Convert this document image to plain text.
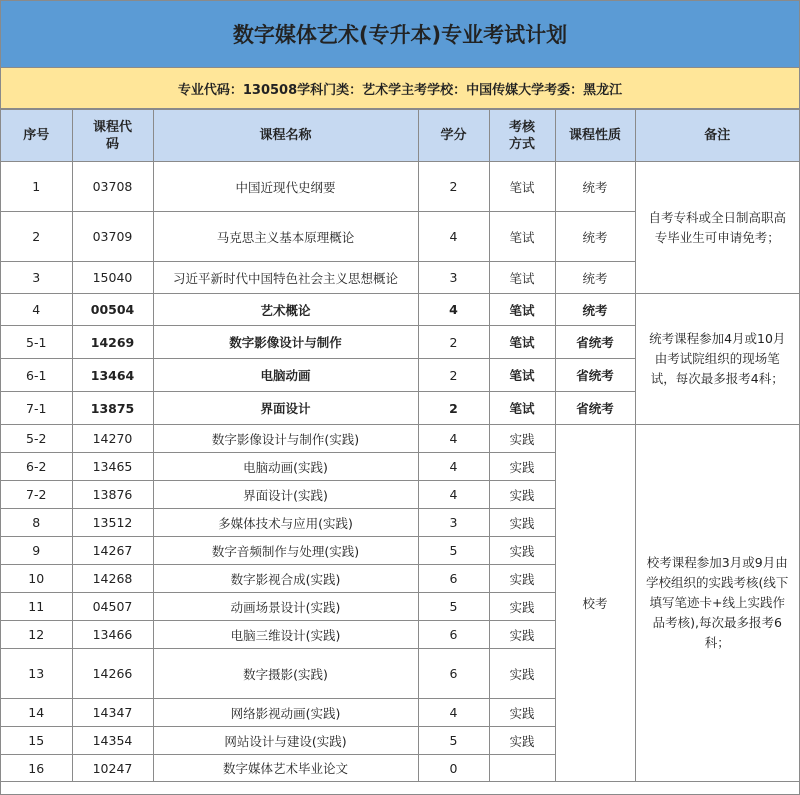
数字媒体艺术(专升本)专业考试计划
专业代码：130508学科门类：艺术学主考学校：中国传媒大学考委：黑龙江
序号	课程代码	课程名称	学分	考核方式	课程性质	备注
1	03708	中国近现代史纲要	2	笔试	统考	自考专科或全日制高职高专毕业生可申请免考；
2	03709	马克思主义基本原理概论	4	笔试	统考	
3	15040	习近平新时代中国特色社会主义思想概论	3	笔试	统考	
4	00504	艺术概论	4	笔试	统考	统考课程参加4月或10月由考试院组织的现场笔试，每次最多报考4科；
5-1	14269	数字影像设计与制作	2	笔试	省统考	
6-1	13464	电脑动画	2	笔试	省统考	
7-1	13875	界面设计	2	笔试	省统考	
5-2	14270	数字影像设计与制作(实践)	4	实践	校考	校考课程参加3月或9月由学校组织的实践考核(线下填写笔迹卡+线上实践作品考核),每次最多报考6科；
6-2	13465	电脑动画(实践)	4	实践		
7-2	13876	界面设计(实践)	4	实践		
8	13512	多媒体技术与应用(实践)	3	实践		
9	14267	数字音频制作与处理(实践)	5	实践		
10	14268	数字影视合成(实践)	6	实践		
11	04507	动画场景设计(实践)	5	实践		
12	13466	电脑三维设计(实践)	6	实践		
13	14266	数字摄影(实践)	6	实践		
14	14347	网络影视动画(实践)	4	实践		
15	14354	网站设计与建设(实践)	5	实践		
16	10247	数字媒体艺术毕业论文	0			
